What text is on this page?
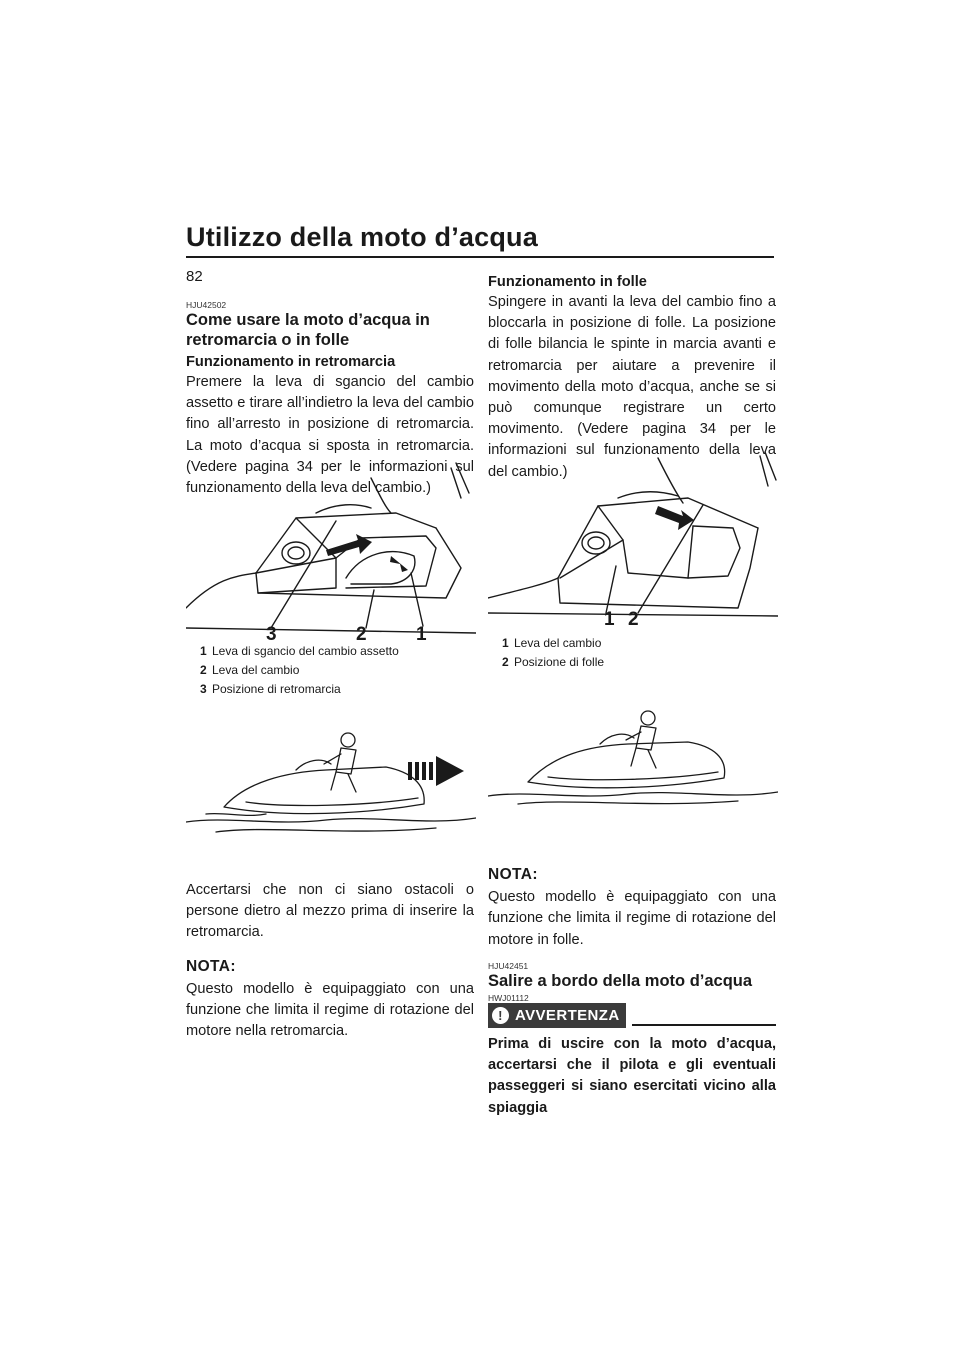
Utilizzo della moto d’acqua
82

HJU42502

Come usare la moto d’acqua in retromarcia o in folle

Funzionamento in retromarcia

Premere la leva di sgancio del cambio assetto e tirare all’indietro la leva del cambio fino all’arresto in posizione di retromarcia. La moto d’acqua si sposta in retromarcia. (Vedere pagina 34 per le informazioni sul funzionamento della leva del cambio.)

3	2	1
1 Leva di sgancio del cambio assetto
2 Leva del cambio
3 Posizione di retromarcia

Accertarsi che non ci siano ostacoli o persone dietro al mezzo prima di inserire la retromarcia.

NOTA:

Questo modello è equipaggiato con una funzione che limita il regime di rotazione del motore nella retromarcia.

Funzionamento in folle

Spingere in avanti la leva del cambio fino a bloccarla in posizione di folle. La posizione di folle bilancia le spinte in marcia avanti e retromarcia per aiutare a prevenire il movimento della moto d’acqua, anche se si può comunque registrare un certo movimento. (Vedere pagina 34 per le informazioni sul funzionamento della leva del cambio.)

1 2
1 Leva del cambio
2 Posizione di folle

NOTA:

Questo modello è equipaggiato con una funzione che limita il regime di rotazione del motore in folle.

HJU42451

Salire a bordo della moto d’acqua

HWJ01112

! AVVERTENZA

Prima di uscire con la moto d’acqua, accertarsi che il pilota e gli eventuali passeggeri si siano esercitati vicino alla spiaggia
